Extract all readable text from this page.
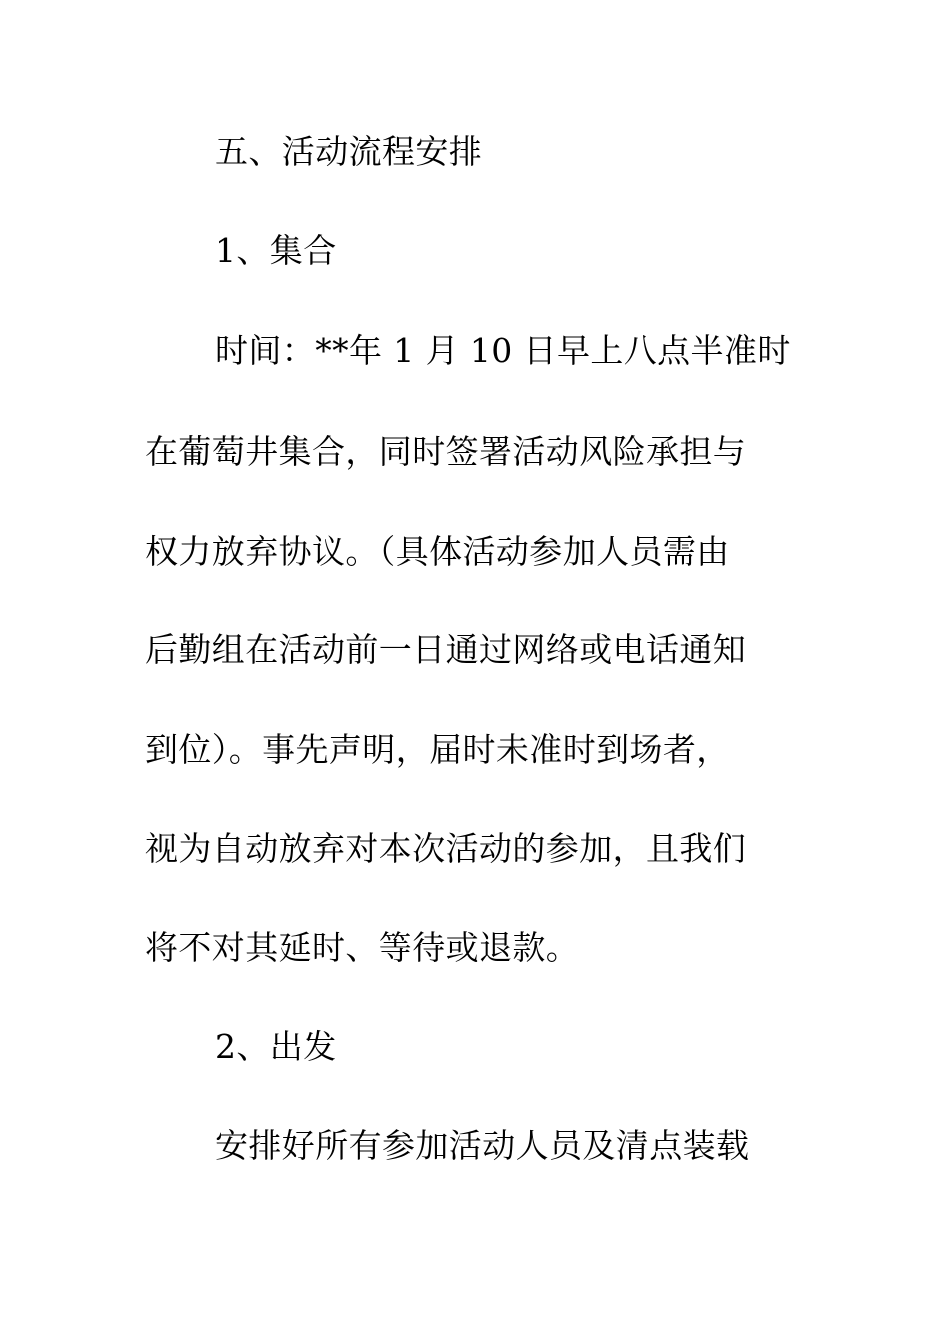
五、活动流程安排
1、集合
时间：**年 1 月 10 日早上八点半准时
在葡萄井集合，同时签署活动风险承担与
权力放弃协议。（具体活动参加人员需由
后勤组在活动前一日通过网络或电话通知
到位）。事先声明，届时未准时到场者，
视为自动放弃对本次活动的参加，且我们
将不对其延时、等待或退款。
2、出发
安排好所有参加活动人员及清点装载
